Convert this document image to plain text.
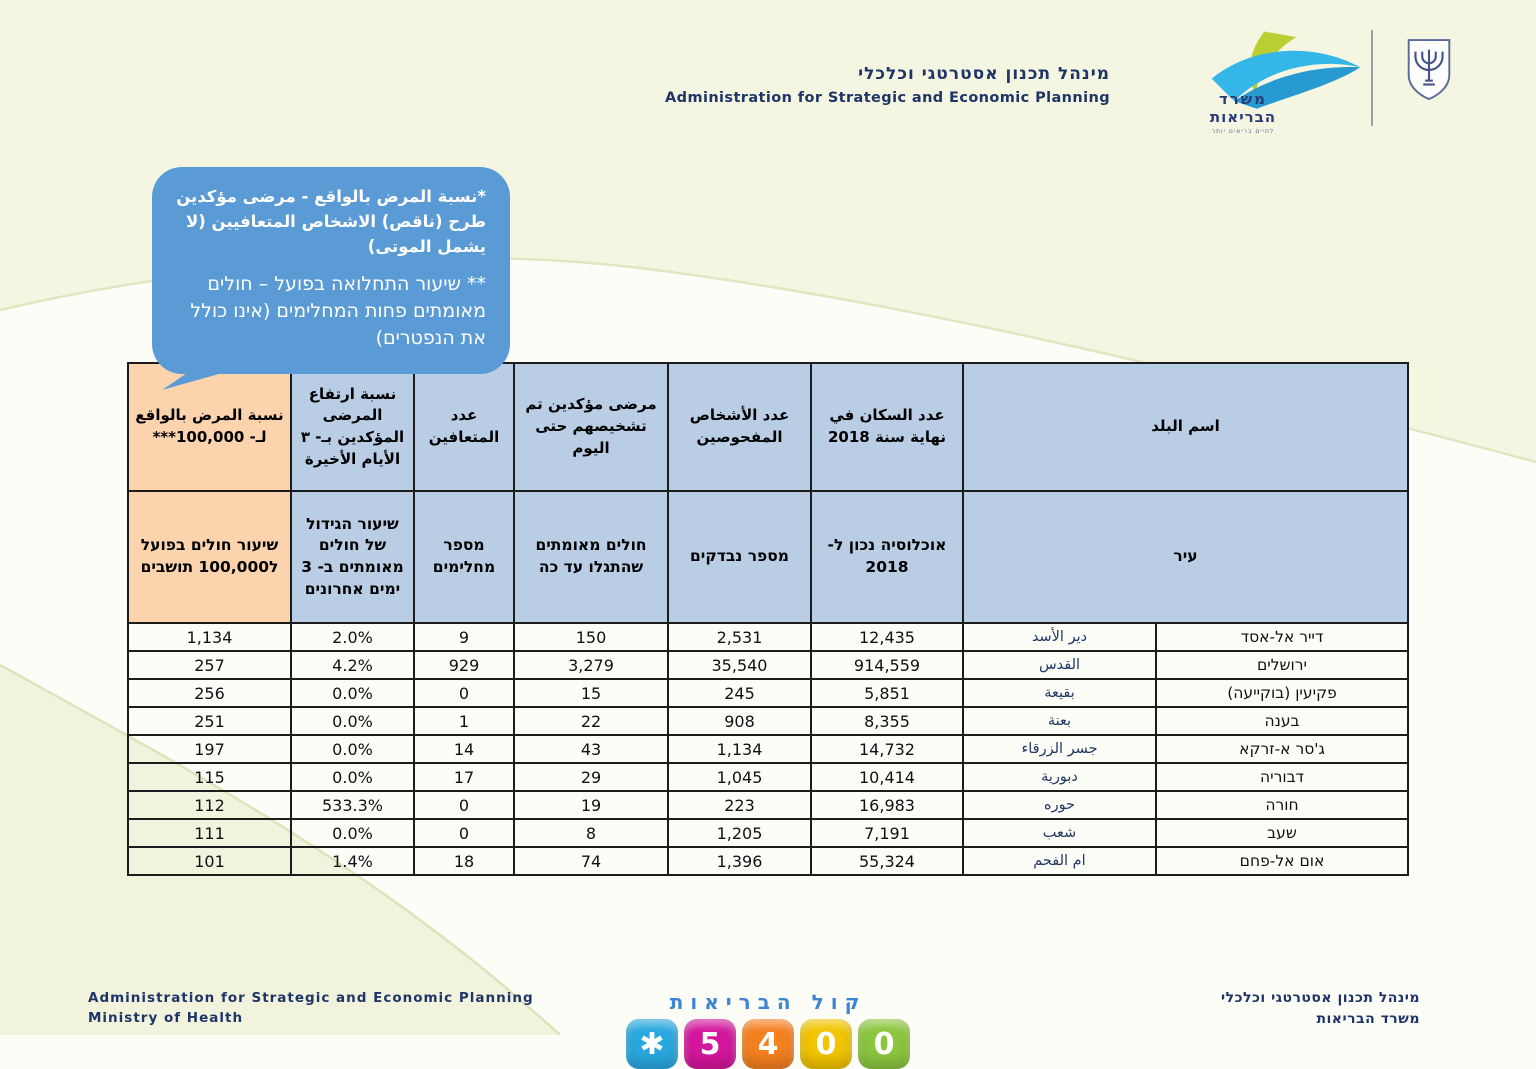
מינהל תכנון אסטרטגי וכלכלי
Administration for Strategic and Economic Planning	משרד
הבריאות
לחיים בריאים יותר
*نسبة المرض بالواقع - مرضى مؤكدين طرح (ناقص) الاشخاص المتعافيين (لا يشمل الموتى)
** שיעור התחלואה בפועל – חולים מאומתים פחות המחלימים (אינו כולל את הנפטרים)
نسبة المرض بالواقع لـ- 100,000***	نسبة ارتفاع المرضى المؤكدين بـ- ٣ الأيام الأخيرة	عدد المتعافين	مرضى مؤكدين تم تشخيصهم حتى اليوم	عدد الأشخاص المفحوصين	عدد السكان في نهاية سنة 2018	اسم البلد	
שיעור חולים בפועל ל100,000 תושבים	שיעור הגידול של חולים מאומתים ב- 3 ימים אחרונים	מספר מחלימים	חולים מאומתים שהתגלו עד כה	מספר נבדקים	אוכלוסיה נכון ל- 2018	עיר	
1,134	2.0%	9	150	2,531	12,435	دير الأسد	דייר אל-אסד
257	4.2%	929	3,279	35,540	914,559	القدس	ירושלים
256	0.0%	0	15	245	5,851	بقيعة	פקיעין (בוקייעה)
251	0.0%	1	22	908	8,355	بعنة	בענה
197	0.0%	14	43	1,134	14,732	جسر الزرقاء	ג'סר א-זרקא
115	0.0%	17	29	1,045	10,414	دبورية	דבוריה
112	533.3%	0	19	223	16,983	حوره	חורה
111	0.0%	0	8	1,205	7,191	شعب	שעב
101	1.4%	18	74	1,396	55,324	ام الفحم	אום אל-פחם
Administration for Strategic and Economic Planning
Ministry of Health
קול הבריאות
✱	5	4	0	0
מינהל תכנון אסטרטגי וכלכלי
משרד הבריאות
